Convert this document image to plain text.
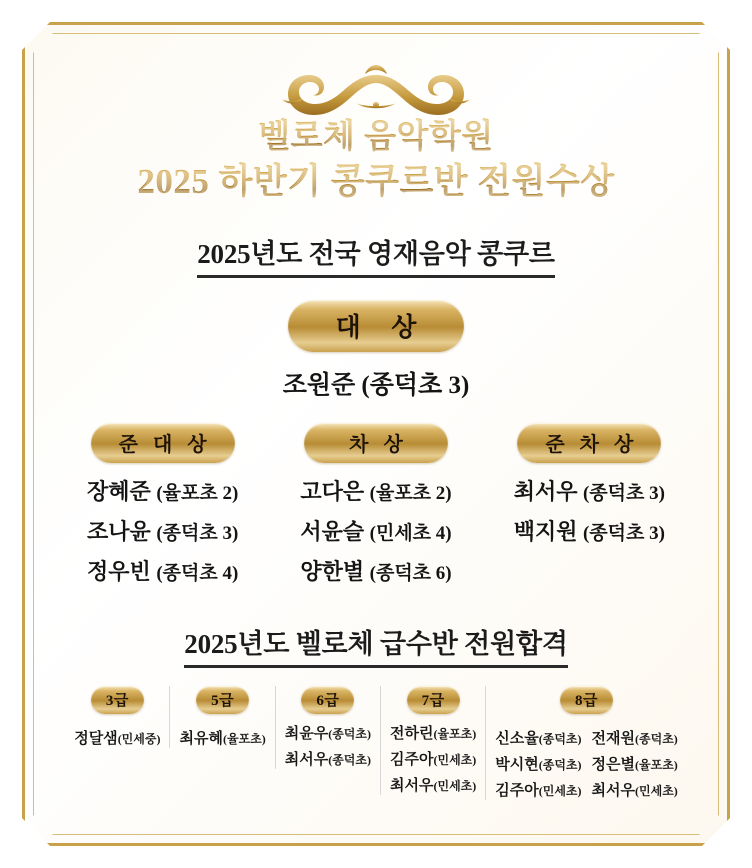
벨로체 음악학원
2025 하반기 콩쿠르반 전원수상
2025년도 전국 영재음악 콩쿠르
대 상
조원준 (종덕초 3)
준 대 상
장혜준 (율포초 2)
조나윤 (종덕초 3)
정우빈 (종덕초 4)
차 상
고다은 (율포초 2)
서윤슬 (민세초 4)
양한별 (종덕초 6)
준 차 상
최서우 (종덕초 3)
백지원 (종덕초 3)
2025년도 벨로체 급수반 전원합격
3급
정달샘(민세중)
5급
최유혜(율포초)
6급
최윤우(종덕초)
최서우(종덕초)
7급
전하린(율포초)
김주아(민세초)
최서우(민세초)
8급
신소율(종덕초)
박시현(종덕초)
김주아(민세초)
전재원(종덕초)
정은별(율포초)
최서우(민세초)
